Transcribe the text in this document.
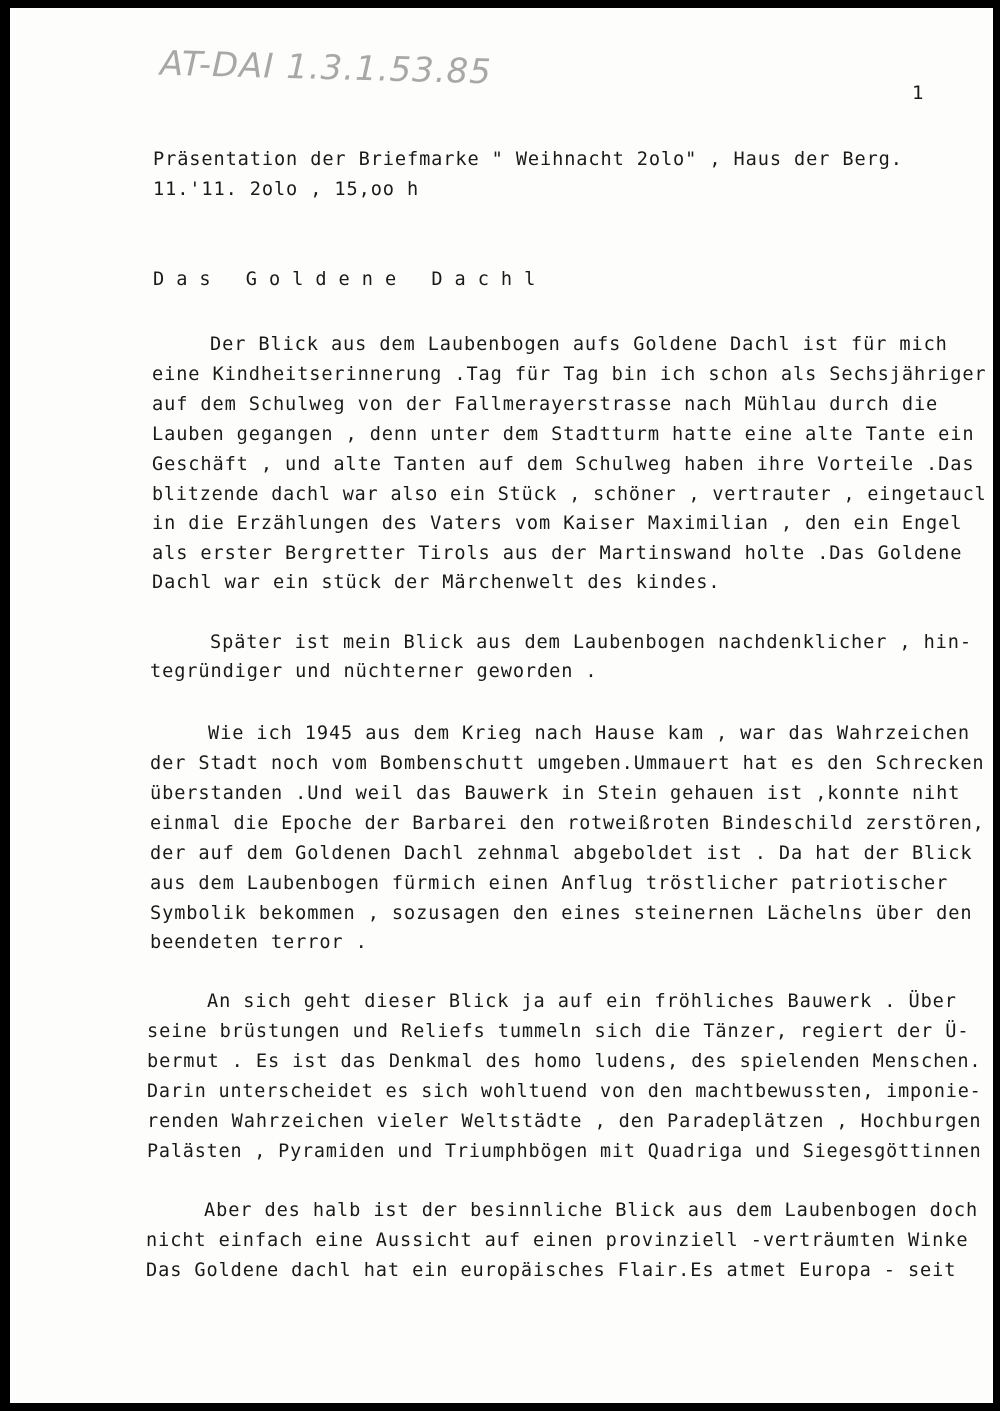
AT-DAI 1.3.1.53.85
1
Präsentation der Briefmarke " Weihnacht 2olo" , Haus der Berg.
11.'11. 2olo , 15,oo h
Das Goldene Dachl
Der Blick aus dem Laubenbogen aufs Goldene Dachl ist für mich
eine Kindheitserinnerung .Tag für Tag bin ich schon als Sechsjähriger
auf dem Schulweg von der Fallmerayerstrasse nach Mühlau durch die
Lauben gegangen , denn unter dem Stadtturm hatte eine alte Tante ein
Geschäft , und alte Tanten auf dem Schulweg haben ihre Vorteile .Das
blitzende dachl war also ein Stück , schöner , vertrauter , eingetaucl
in die Erzählungen des Vaters vom Kaiser Maximilian , den ein Engel
als erster Bergretter Tirols aus der Martinswand holte .Das Goldene
Dachl war ein stück der Märchenwelt des kindes.
Später ist mein Blick aus dem Laubenbogen nachdenklicher , hin-
tegründiger und nüchterner geworden .
Wie ich 1945 aus dem Krieg nach Hause kam , war das Wahrzeichen
der Stadt noch vom Bombenschutt umgeben.Ummauert hat es den Schrecken
überstanden .Und weil das Bauwerk in Stein gehauen ist ,konnte niht
einmal die Epoche der Barbarei den rotweißroten Bindeschild zerstören,
der auf dem Goldenen Dachl zehnmal abgeboldet ist . Da hat der Blick
aus dem Laubenbogen fürmich einen Anflug tröstlicher patriotischer
Symbolik bekommen , sozusagen den eines steinernen Lächelns über den
beendeten terror .
An sich geht dieser Blick ja auf ein fröhliches Bauwerk . Über
seine brüstungen und Reliefs tummeln sich die Tänzer, regiert der Ü-
bermut . Es ist das Denkmal des homo ludens, des spielenden Menschen.
Darin unterscheidet es sich wohltuend von den machtbewussten, imponie-
renden Wahrzeichen vieler Weltstädte , den Paradeplätzen , Hochburgen
Palästen , Pyramiden und Triumphbögen mit Quadriga und Siegesgöttinnen
Aber des halb ist der besinnliche Blick aus dem Laubenbogen doch
nicht einfach eine Aussicht auf einen provinziell -verträumten Winke
Das Goldene dachl hat ein europäisches Flair.Es atmet Europa - seit
